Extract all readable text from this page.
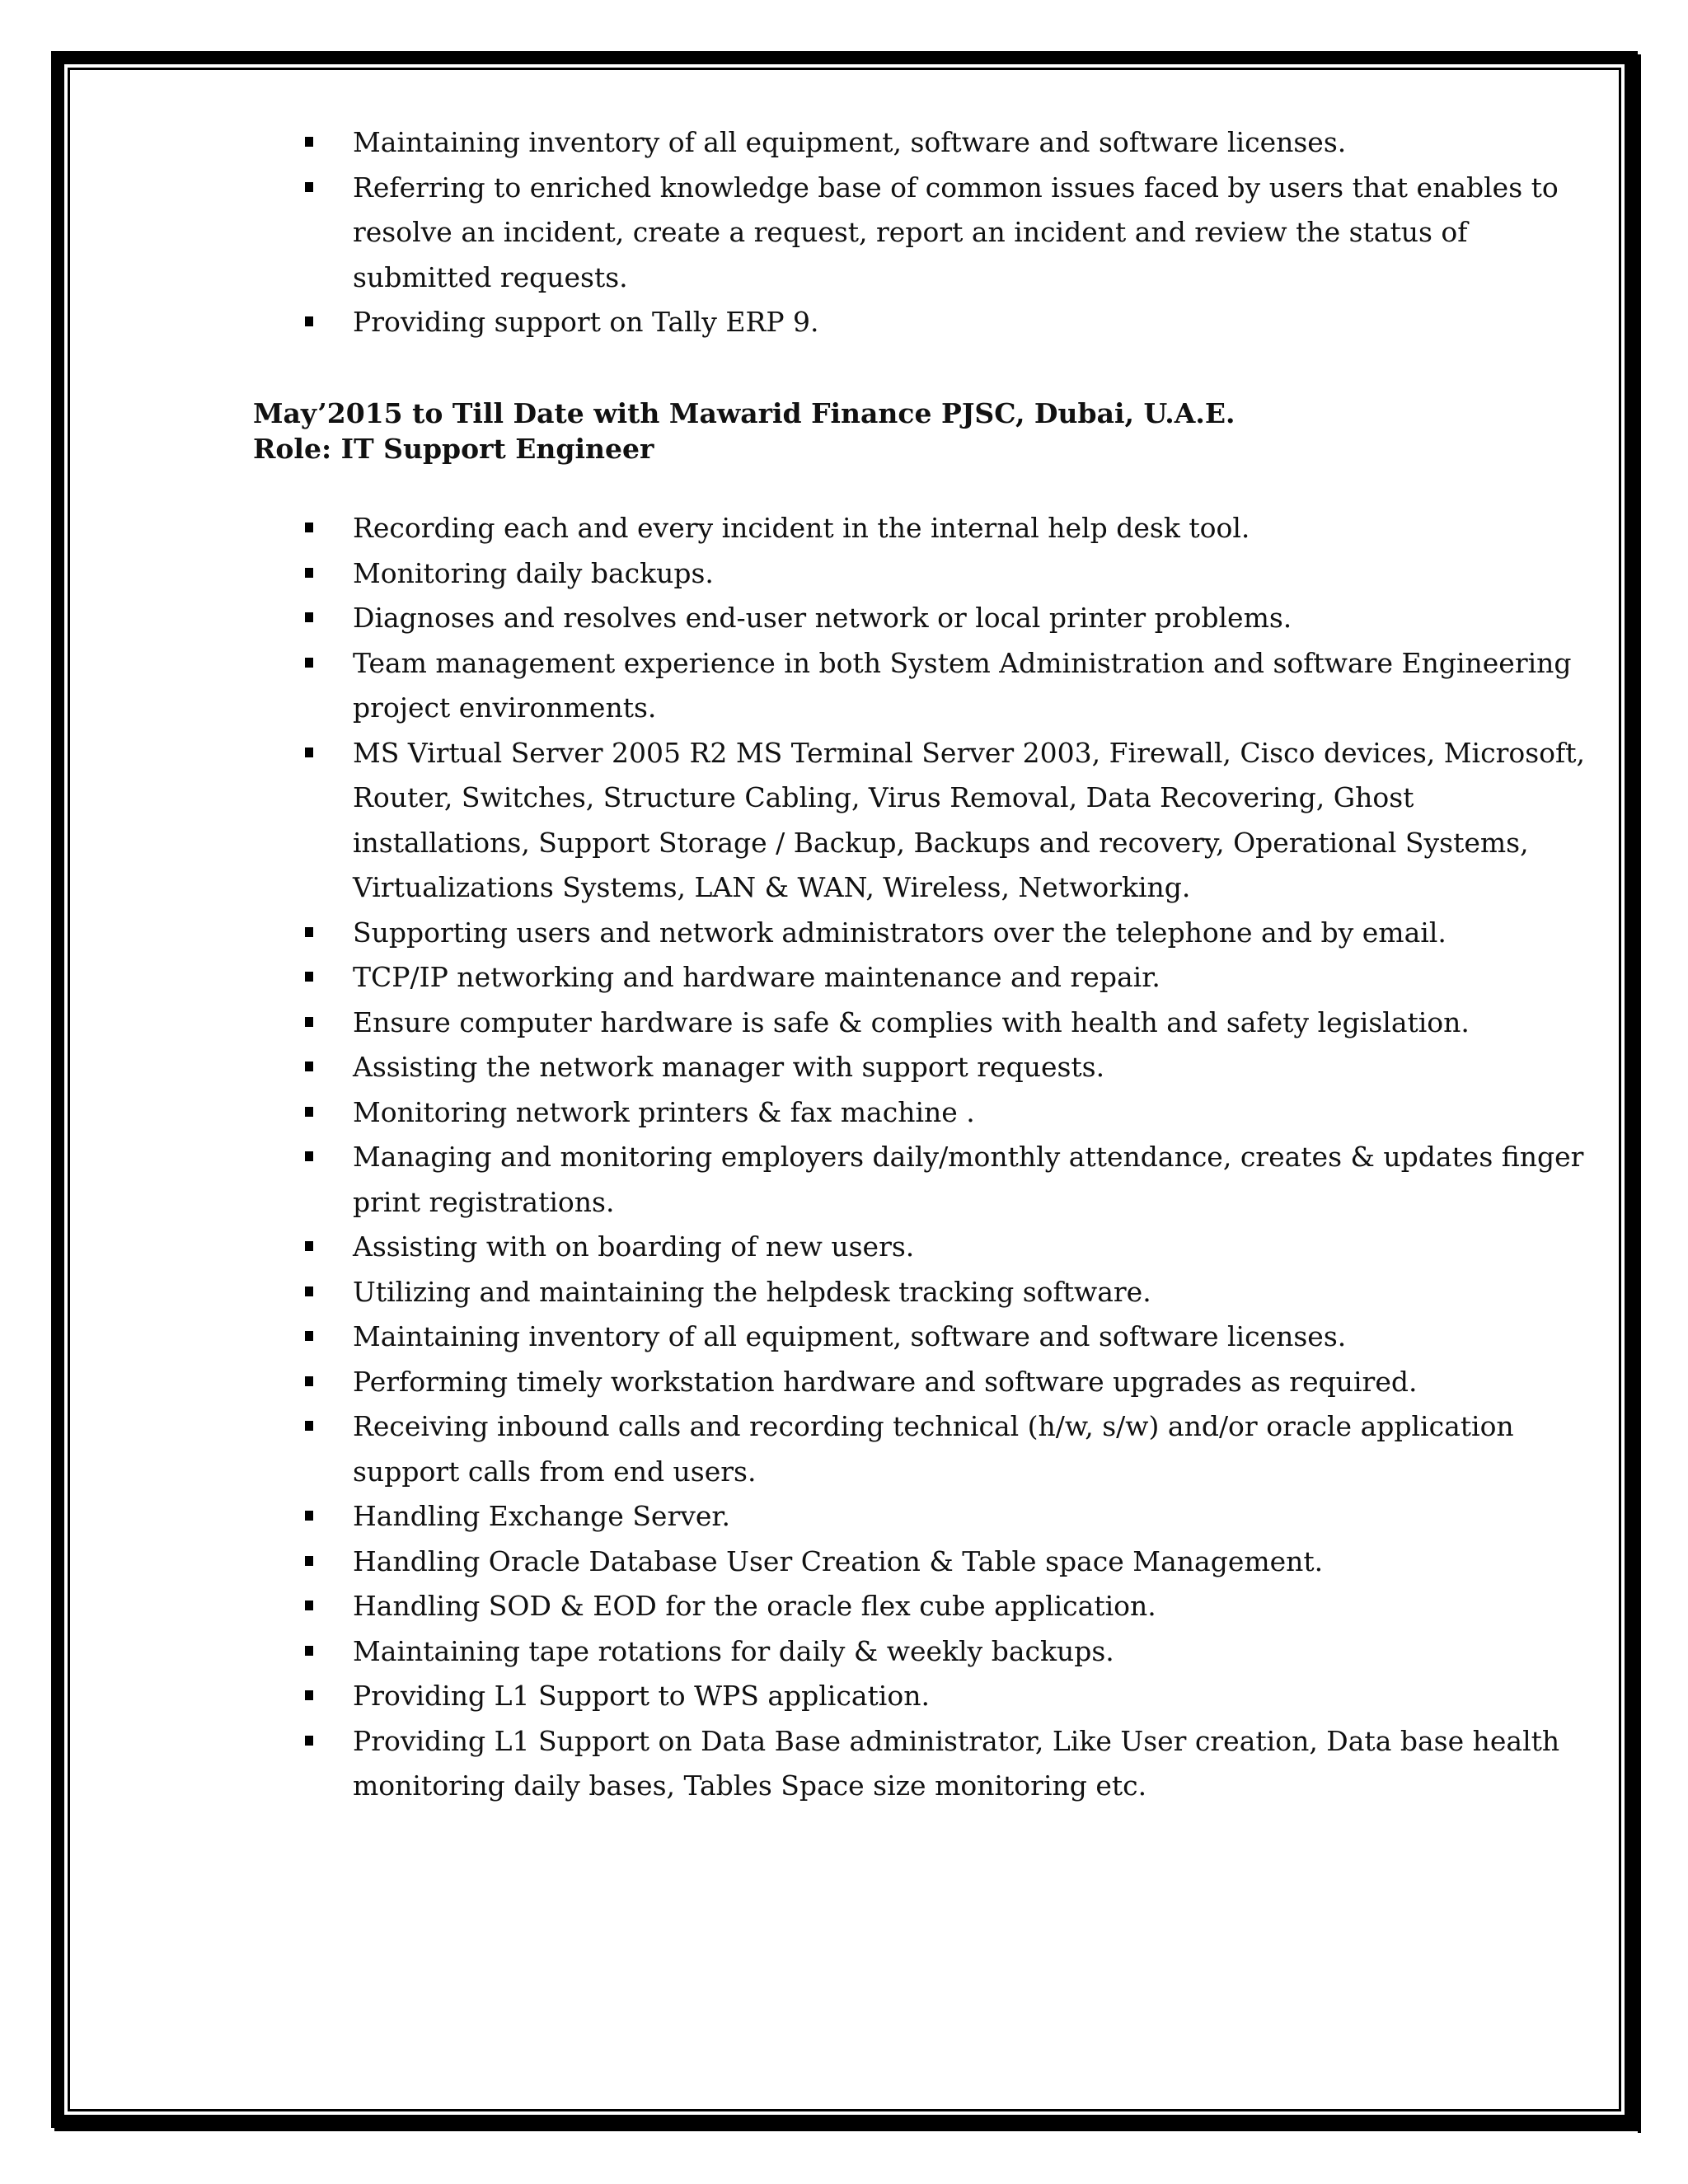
Maintaining inventory of all equipment, software and software licenses.
Referring to enriched knowledge base of common issues faced by users that enables to resolve an incident, create a request, report an incident and review the status of submitted requests.
Providing support on Tally ERP 9.
May’2015 to Till Date with Mawarid Finance PJSC, Dubai, U.A.E.
Role: IT Support Engineer
Recording each and every incident in the internal help desk tool.
Monitoring daily backups.
Diagnoses and resolves end-user network or local printer problems.
Team management experience in both System Administration and software Engineering project environments.
MS Virtual Server 2005 R2 MS Terminal Server 2003, Firewall, Cisco devices, Microsoft, Router, Switches, Structure Cabling, Virus Removal, Data Recovering, Ghost installations, Support Storage / Backup, Backups and recovery, Operational Systems, Virtualizations Systems, LAN & WAN, Wireless, Networking.
Supporting users and network administrators over the telephone and by email.
TCP/IP networking and hardware maintenance and repair.
Ensure computer hardware is safe & complies with health and safety legislation.
Assisting the network manager with support requests.
Monitoring network printers & fax machine .
Managing and monitoring employers daily/monthly attendance, creates & updates finger print registrations.
Assisting with on boarding of new users.
Utilizing and maintaining the helpdesk tracking software.
Maintaining inventory of all equipment, software and software licenses.
Performing timely workstation hardware and software upgrades as required.
Receiving inbound calls and recording technical (h/w, s/w) and/or oracle application support calls from end users.
Handling Exchange Server.
Handling Oracle Database User Creation & Table space Management.
Handling SOD & EOD for the oracle flex cube application.
Maintaining tape rotations for daily & weekly backups.
Providing L1 Support to WPS application.
Providing L1 Support on Data Base administrator, Like User creation, Data base health monitoring daily bases, Tables Space size monitoring etc.
